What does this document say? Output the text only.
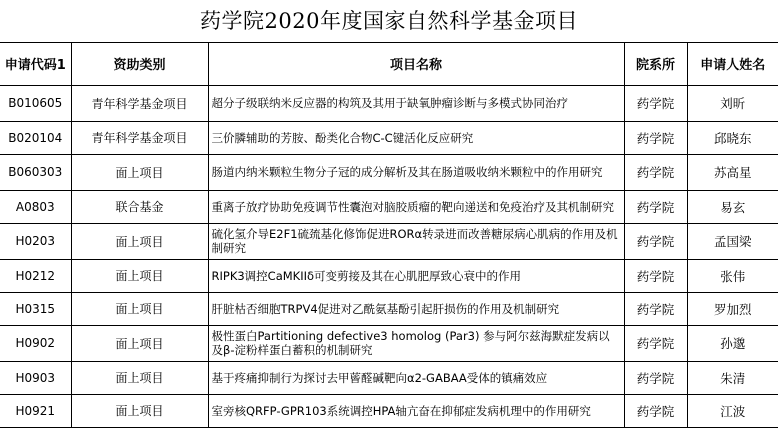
药学院2020年度国家自然科学基金项目
申请代码1	资助类别	项目名称	院系所	申请人姓名
B010605	青年科学基金项目	超分子级联纳米反应器的构筑及其用于缺氧肿瘤诊断与多模式协同治疗	药学院	刘昕
B020104	青年科学基金项目	三价膦辅助的芳胺、酚类化合物C-C键活化反应研究	药学院	邱晓东
B060303	面上项目	肠道内纳米颗粒生物分子冠的成分解析及其在肠道吸收纳米颗粒中的作用研究	药学院	苏高星
A0803	联合基金	重离子放疗协助免疫调节性囊泡对脑胶质瘤的靶向递送和免疫治疗及其机制研究	药学院	易玄
H0203	面上项目	硫化氢介导E2F1硫巯基化修饰促进RORα转录进而改善糖尿病心肌病的作用及机制研究	药学院	孟国梁
H0212	面上项目	RIPK3调控CaMKIIδ可变剪接及其在心肌肥厚致心衰中的作用	药学院	张伟
H0315	面上项目	肝脏枯否细胞TRPV4促进对乙酰氨基酚引起肝损伤的作用及机制研究	药学院	罗加烈
H0902	面上项目	极性蛋白Partitioning defective3 homolog (Par3) 参与阿尔兹海默症发病以及β-淀粉样蛋白蓄积的机制研究	药学院	孙邈
H0903	面上项目	基于疼痛抑制行为探讨去甲蒈醛碱靶向α2-GABAA受体的镇痛效应	药学院	朱清
H0921	面上项目	室旁核QRFP-GPR103系统调控HPA轴亢奋在抑郁症发病机理中的作用研究	药学院	江波
